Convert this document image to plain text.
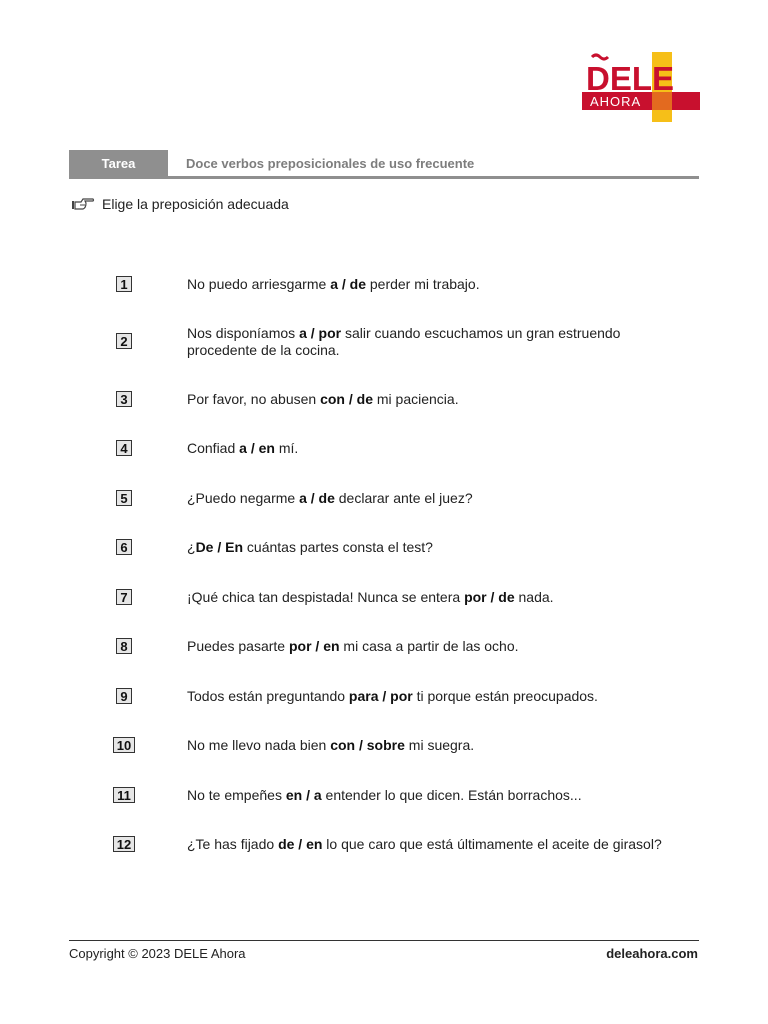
DELE
AHORA
Tarea	Doce verbos preposicionales de uso frecuente
Elige la preposición adecuada
1	No puedo arriesgarme a / de perder mi trabajo.
2	Nos disponíamos a / por salir cuando escuchamos un gran estruendo procedente de la cocina.
3	Por favor, no abusen con / de mi paciencia.
4	Confiad a / en mí.
5	¿Puedo negarme a / de declarar ante el juez?
6	¿De / En cuántas partes consta el test?
7	¡Qué chica tan despistada! Nunca se entera por / de nada.
8	Puedes pasarte por / en mi casa a partir de las ocho.
9	Todos están preguntando para / por ti porque están preocupados.
10	No me llevo nada bien con / sobre mi suegra.
11	No te empeñes en / a entender lo que dicen. Están borrachos...
12	¿Te has fijado de / en lo que caro que está últimamente el aceite de girasol?
Copyright © 2023 DELE Ahora	deleahora.com
